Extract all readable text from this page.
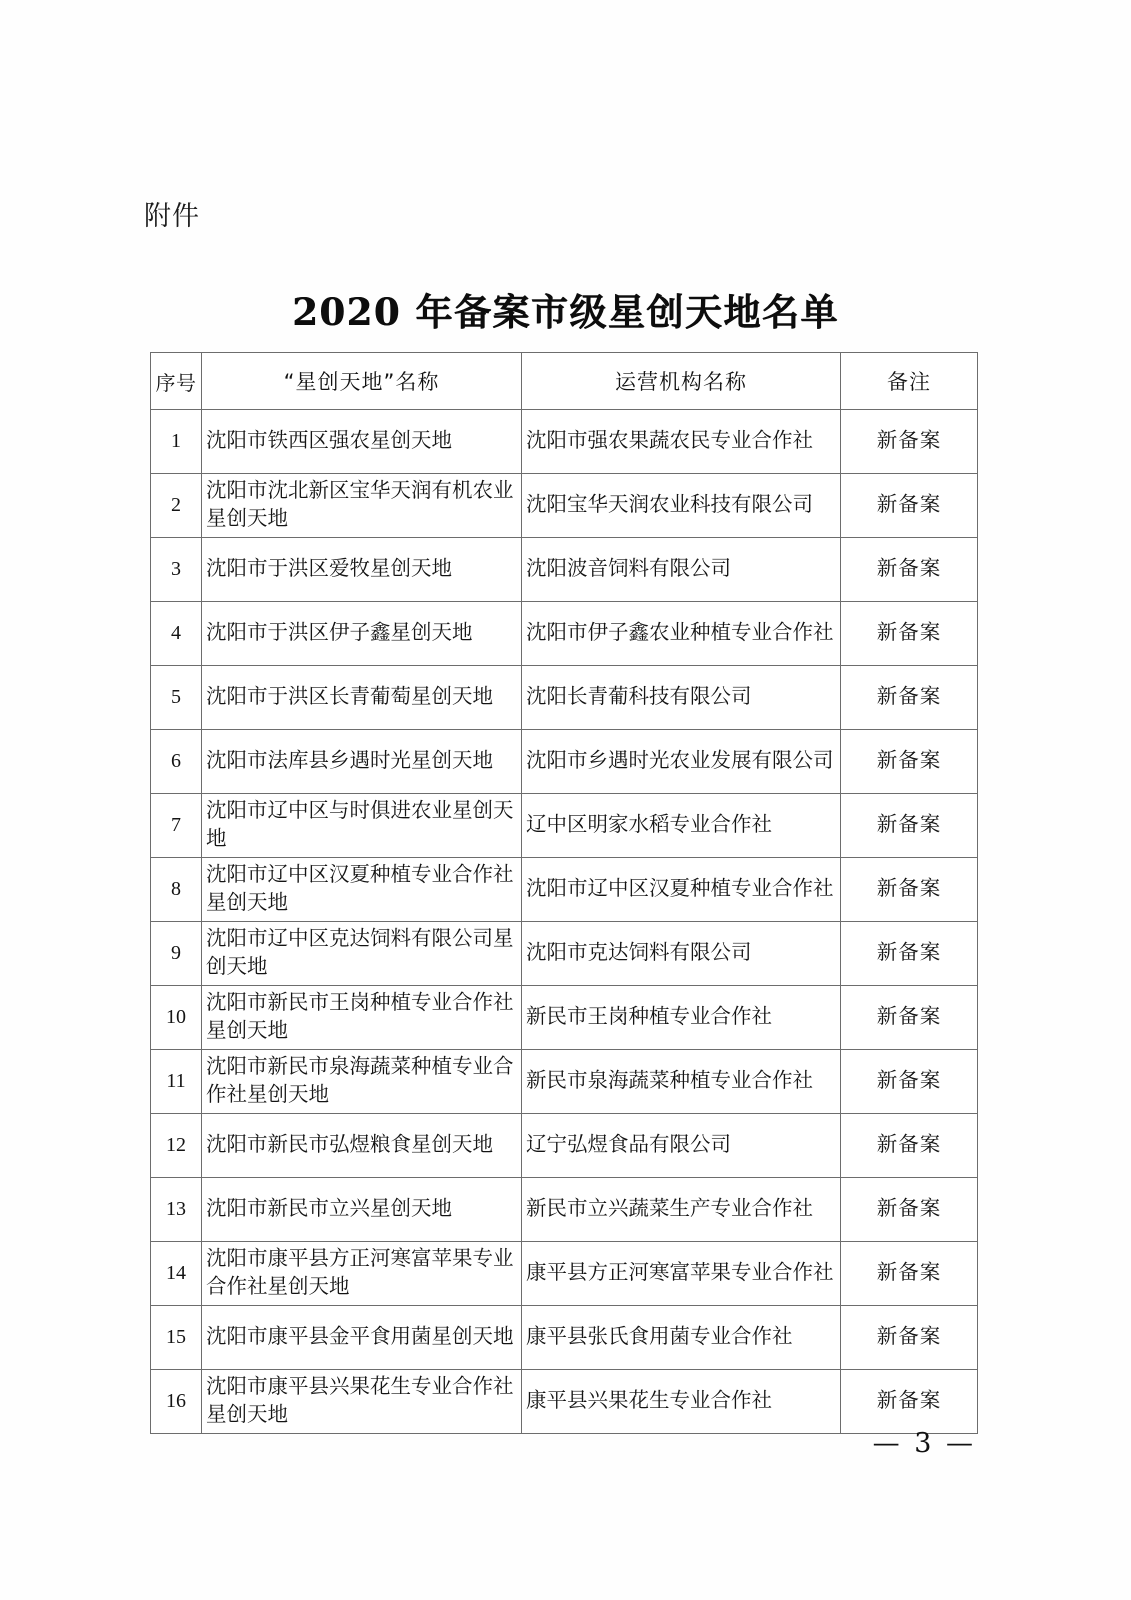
附件
2020 年备案市级星创天地名单
序号	“星创天地”名称	运营机构名称	备注
1	沈阳市铁西区强农星创天地	沈阳市强农果蔬农民专业合作社	新备案
2	沈阳市沈北新区宝华天润有机农业星创天地	沈阳宝华天润农业科技有限公司	新备案
3	沈阳市于洪区爱牧星创天地	沈阳波音饲料有限公司	新备案
4	沈阳市于洪区伊子鑫星创天地	沈阳市伊子鑫农业种植专业合作社	新备案
5	沈阳市于洪区长青葡萄星创天地	沈阳长青葡科技有限公司	新备案
6	沈阳市法库县乡遇时光星创天地	沈阳市乡遇时光农业发展有限公司	新备案
7	沈阳市辽中区与时俱进农业星创天地	辽中区明家水稻专业合作社	新备案
8	沈阳市辽中区汉夏种植专业合作社星创天地	沈阳市辽中区汉夏种植专业合作社	新备案
9	沈阳市辽中区克达饲料有限公司星创天地	沈阳市克达饲料有限公司	新备案
10	沈阳市新民市王岗种植专业合作社星创天地	新民市王岗种植专业合作社	新备案
11	沈阳市新民市泉海蔬菜种植专业合作社星创天地	新民市泉海蔬菜种植专业合作社	新备案
12	沈阳市新民市弘煜粮食星创天地	辽宁弘煜食品有限公司	新备案
13	沈阳市新民市立兴星创天地	新民市立兴蔬菜生产专业合作社	新备案
14	沈阳市康平县方正河寒富苹果专业合作社星创天地	康平县方正河寒富苹果专业合作社	新备案
15	沈阳市康平县金平食用菌星创天地	康平县张氏食用菌专业合作社	新备案
16	沈阳市康平县兴果花生专业合作社星创天地	康平县兴果花生专业合作社	新备案
— 3 —
